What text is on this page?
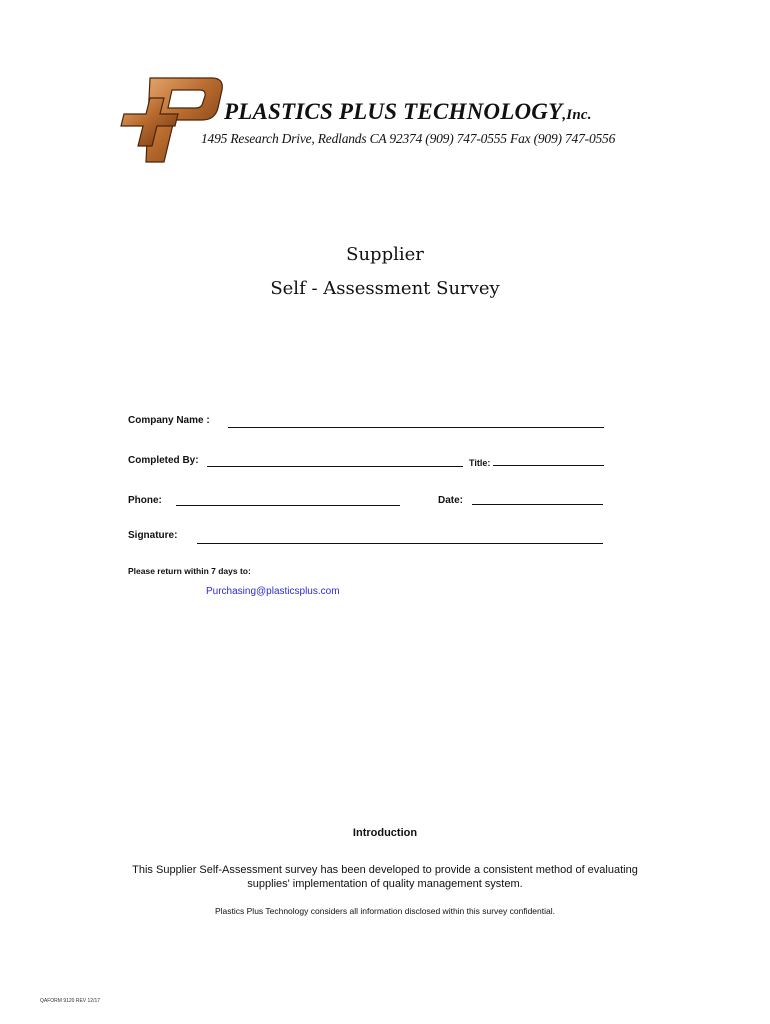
PLASTICS PLUS TECHNOLOGY,Inc.
1495 Research Drive, Redlands CA 92374 (909) 747-0555 Fax (909) 747-0556
Supplier
Self - Assessment Survey
Company Name :
Completed By:	Title:
Phone:	Date:
Signature:
Please return within 7 days to:
Purchasing@plasticsplus.com
Introduction
This Supplier Self-Assessment survey has been developed to provide a consistent method of evaluating
supplies' implementation of quality management system.
Plastics Plus Technology considers all information disclosed within this survey confidential.
QAFORM 9120 REV 12/17
